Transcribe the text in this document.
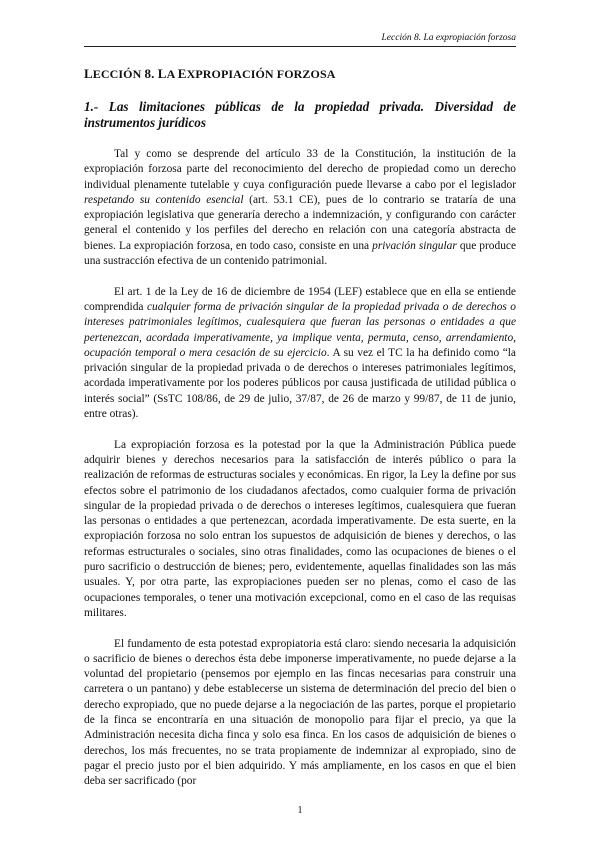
Lección 8. La expropiación forzosa
LECCIÓN 8. LA EXPROPIACIÓN FORZOSA
1.- Las limitaciones públicas de la propiedad privada. Diversidad de instrumentos jurídicos

Tal y como se desprende del artículo 33 de la Constitución, la institución de la expropiación forzosa parte del reconocimiento del derecho de propiedad como un derecho individual plenamente tutelable y cuya configuración puede llevarse a cabo por el legislador respetando su contenido esencial (art. 53.1 CE), pues de lo contrario se trataría de una expropiación legislativa que generaría derecho a indemnización, y configurando con carácter general el contenido y los perfiles del derecho en relación con una categoría abstracta de bienes. La expropiación forzosa, en todo caso, consiste en una privación singular que produce una sustracción efectiva de un contenido patrimonial.

El art. 1 de la Ley de 16 de diciembre de 1954 (LEF) establece que en ella se entiende comprendida cualquier forma de privación singular de la propiedad privada o de derechos o intereses patrimoniales legítimos, cualesquiera que fueran las personas o entidades a que pertenezcan, acordada imperativamente, ya implique venta, permuta, censo, arrendamiento, ocupación temporal o mera cesación de su ejercicio. A su vez el TC la ha definido como “la privación singular de la propiedad privada o de derechos o intereses patrimoniales legítimos, acordada imperativamente por los poderes públicos por causa justificada de utilidad pública o interés social” (SsTC 108/86, de 29 de julio, 37/87, de 26 de marzo y 99/87, de 11 de junio, entre otras).

La expropiación forzosa es la potestad por la que la Administración Pública puede adquirir bienes y derechos necesarios para la satisfacción de interés público o para la realización de reformas de estructuras sociales y económicas. En rigor, la Ley la define por sus efectos sobre el patrimonio de los ciudadanos afectados, como cualquier forma de privación singular de la propiedad privada o de derechos o intereses legítimos, cualesquiera que fueran las personas o entidades a que pertenezcan, acordada imperativamente. De esta suerte, en la expropiación forzosa no solo entran los supuestos de adquisición de bienes y derechos, o las reformas estructurales o sociales, sino otras finalidades, como las ocupaciones de bienes o el puro sacrificio o destrucción de bienes; pero, evidentemente, aquellas finalidades son las más usuales. Y, por otra parte, las expropiaciones pueden ser no plenas, como el caso de las ocupaciones temporales, o tener una motivación excepcional, como en el caso de las requisas militares.

El fundamento de esta potestad expropiatoria está claro: siendo necesaria la adquisición o sacrificio de bienes o derechos ésta debe imponerse imperativamente, no puede dejarse a la voluntad del propietario (pensemos por ejemplo en las fincas necesarias para construir una carretera o un pantano) y debe establecerse un sistema de determinación del precio del bien o derecho expropiado, que no puede dejarse a la negociación de las partes, porque el propietario de la finca se encontraría en una situación de monopolio para fijar el precio, ya que la Administración necesita dicha finca y solo esa finca. En los casos de adquisición de bienes o derechos, los más frecuentes, no se trata propiamente de indemnizar al expropiado, sino de pagar el precio justo por el bien adquirido. Y más ampliamente, en los casos en que el bien deba ser sacrificado (por

1
